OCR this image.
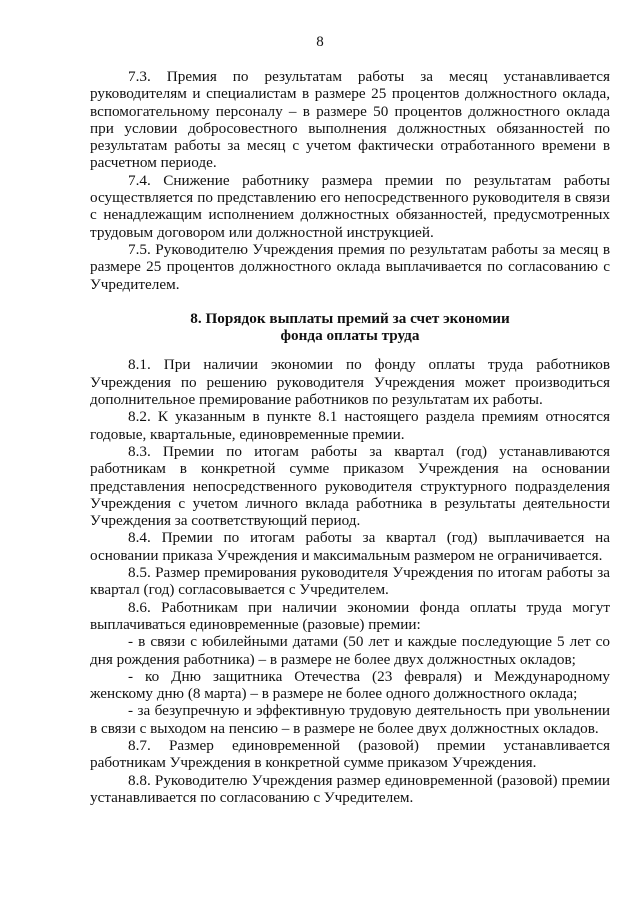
8

7.3. Премия по результатам работы за месяц устанавливается руководителям и специалистам в размере 25 процентов должностного оклада, вспомогательному персоналу – в размере 50 процентов должностного оклада при условии добросовестного выполнения должностных обязанностей по результатам работы за месяц с учетом фактически отработанного времени в расчетном периоде.

7.4. Снижение работнику размера премии по результатам работы осуществляется по представлению его непосредственного руководителя в связи с ненадлежащим исполнением должностных обязанностей, предусмотренных трудовым договором или должностной инструкцией.

7.5. Руководителю Учреждения премия по результатам работы за месяц в размере 25 процентов должностного оклада выплачивается по согласованию с Учредителем.

8. Порядок выплаты премий за счет экономии
фонда оплаты труда

8.1. При наличии экономии по фонду оплаты труда работников Учреждения по решению руководителя Учреждения может производиться дополнительное премирование работников по результатам их работы.

8.2. К указанным в пункте 8.1 настоящего раздела премиям относятся годовые, квартальные, единовременные премии.

8.3. Премии по итогам работы за квартал (год) устанавливаются работникам в конкретной сумме приказом Учреждения на основании представления непосредственного руководителя структурного подразделения Учреждения с учетом личного вклада работника в результаты деятельности Учреждения за соответствующий период.

8.4. Премии по итогам работы за квартал (год) выплачивается на основании приказа Учреждения и максимальным размером не ограничивается.

8.5. Размер премирования руководителя Учреждения по итогам работы за квартал (год) согласовывается с Учредителем.

8.6. Работникам при наличии экономии фонда оплаты труда могут выплачиваться единовременные (разовые) премии:

- в связи с юбилейными датами (50 лет и каждые последующие 5 лет со дня рождения работника) – в размере не более двух должностных окладов;

- ко Дню защитника Отечества (23 февраля) и Международному женскому дню (8 марта) – в размере не более одного должностного оклада;

- за безупречную и эффективную трудовую деятельность при увольнении в связи с выходом на пенсию – в размере не более двух должностных окладов.

8.7. Размер единовременной (разовой) премии устанавливается работникам Учреждения в конкретной сумме приказом Учреждения.

8.8. Руководителю Учреждения размер единовременной (разовой) премии устанавливается по согласованию с Учредителем.
